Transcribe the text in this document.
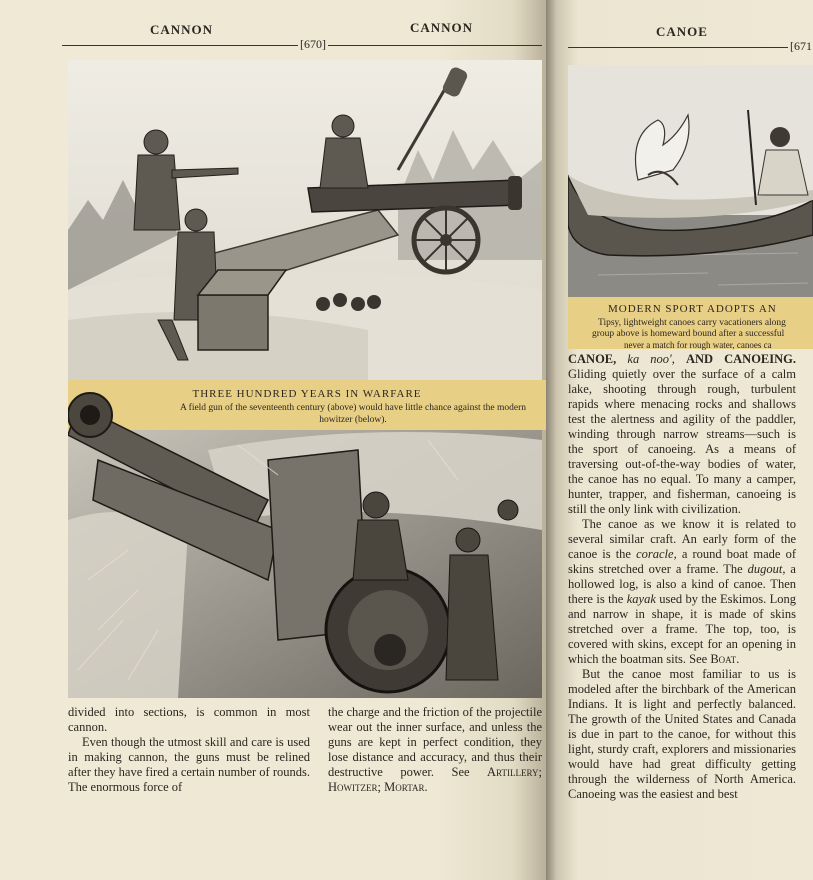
CANNON	CANNON
[670]
THREE HUNDRED YEARS IN WARFARE
A field gun of the seventeenth century (above) would have little chance against the modern howitzer (below).

divided into sections, is common in most cannon.

Even though the utmost skill and care is used in making cannon, the guns must be relined after they have fired a certain number of rounds. The enormous force of

the charge and the friction of the projectile wear out the inner surface, and unless the guns are kept in perfect condition, they lose distance and accuracy, and thus their destructive power. See Artillery; Howitzer; Mortar.

CANOE
[671
MODERN SPORT ADOPTS AN
Tipsy, lightweight canoes carry vacationers along
group above is homeward bound after a successful
never a match for rough water, canoes ca

CANOE, ka noo', AND CANOEING. Gliding quietly over the surface of a calm lake, shooting through rough, turbulent rapids where menacing rocks and shallows test the alertness and agility of the paddler, winding through narrow streams—such is the sport of canoeing. As a means of traversing out-of-the-way bodies of water, the canoe has no equal. To many a camper, hunter, trapper, and fisherman, canoeing is still the only link with civilization.

The canoe as we know it is related to several similar craft. An early form of the canoe is the coracle, a round boat made of skins stretched over a frame. The dugout, a hollowed log, is also a kind of canoe. Then there is the kayak used by the Eskimos. Long and narrow in shape, it is made of skins stretched over a frame. The top, too, is covered with skins, except for an opening in which the boatman sits. See Boat.

But the canoe most familiar to us is modeled after the birchbark of the American Indians. It is light and perfectly balanced. The growth of the United States and Canada is due in part to the canoe, for without this light, sturdy craft, explorers and missionaries would have had great difficulty getting through the wilderness of North America. Canoeing was the easiest and best
